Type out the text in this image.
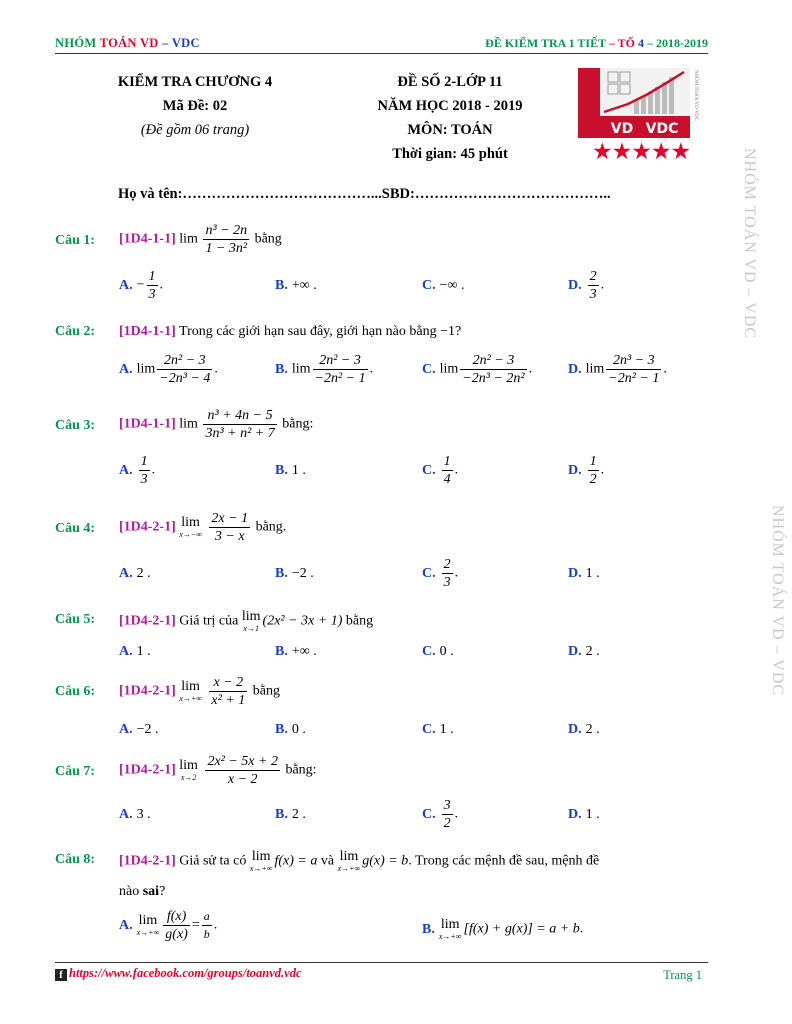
NHÓM TOÁN VD – VDC	ĐỀ KIỂM TRA 1 TIẾT – TỔ 4 – 2018-2019
KIỂM TRA CHƯƠNG 4
Mã Đề: 02
(Đề gồm 06 trang)
ĐỀ SỐ 2-LỚP 11
NĂM HỌC 2018 - 2019
MÔN: TOÁN
Thời gian: 45 phút
VD VDC
NHÓM TOÁN VD-VDC
★★★★★
Họ và tên:…………………………………...SBD:…………………………………..	NHÓM TOÁN VD – VDC
NHÓM TOÁN VD – VDC
Câu 1: [1D4-1-1] $\lim \frac{\text{n³ − 2n}}{\text{1 − 3n²}}$ bằng
A. − $\frac{1}{3}$ .	B. +∞ .	C. −∞ .	D. $\frac{2}{3}$ .
Câu 2: [1D4-1-1] Trong các giới hạn sau đây, giới hạn nào bằng −1?
A. $\lim \frac{\text{2n² − 3}}{\text{−2n³ − 4}}$ .	B. $\lim \frac{\text{2n² − 3}}{\text{−2n² − 1}}$ .	C. $\lim \frac{\text{2n² − 3}}{\text{−2n³ − 2n²}}$ .	D. $\lim \frac{\text{2n³ − 3}}{\text{−2n² − 1}}$ .
Câu 3: [1D4-1-1] $\lim \frac{\text{n³ + 4n − 5}}{\text{3n³ + n² + 7}}$ bằng:
A. $\frac{1}{3}$ .	B. 1 .	C. $\frac{1}{4}$ .	D. $\frac{1}{2}$ .
Câu 4: [1D4-2-1] lim
x→−∞
$\frac{2x - 1}{3 - x}$ bằng.
A. 2 .	B. −2 .	C. $\frac{2}{3}$ .	D. 1 .
Câu 5: [1D4-2-1] Giá trị của lim
x→1 (2x² − 3x + 1) bằng
A. 1 .	B. +∞ .	C. 0 .	D. 2 .
Câu 6: [1D4-2-1] lim
x→+∞
$\frac{x - 2}{\text{x² + 1}}$ bằng
A. −2 .	B. 0 .	C. 1 .	D. 2 .
Câu 7: [1D4-2-1] lim
x→2
$\frac{\text{2x² − 5x + 2}}{x - 2}$ bằng:
A. 3 .	B. 2 .	C. $\frac{3}{2}$ .	D. 1 .
Câu 8: [1D4-2-1] Giả sử ta có lim
x→+∞ f(x) = a và lim
x→+∞ g(x) = b. Trong các mệnh đề sau, mệnh đề
nào sai?
A. lim
$x\to+\infty \frac{f(x)}{g(x)} = \frac{a}{b}$ .	B. lim
x→+∞ [f(x) + g(x)] = a + b.
f https://www.facebook.com/groups/toanvd.vdc	Trang 1
